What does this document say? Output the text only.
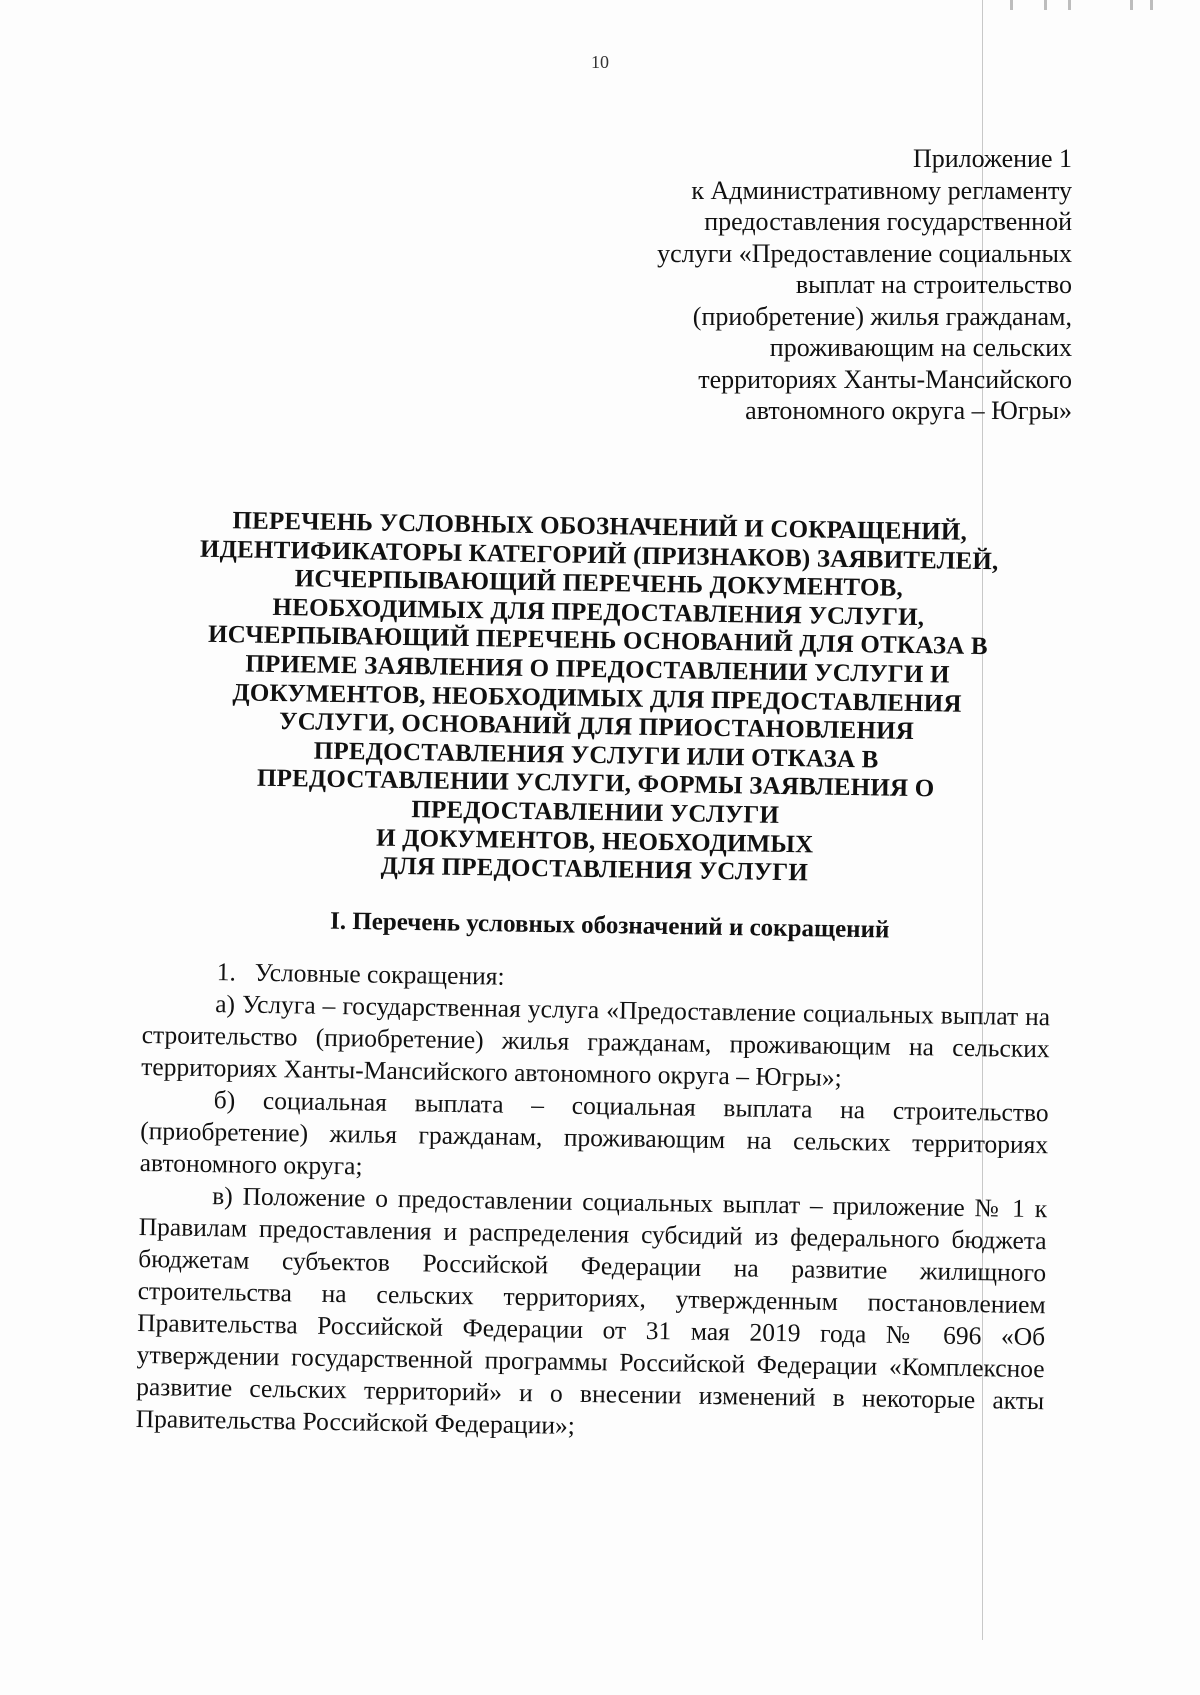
10
Приложение 1
к Административному регламенту
предоставления государственной
услуги «Предоставление социальных
выплат на строительство
(приобретение) жилья гражданам,
проживающим на сельских
территориях Ханты-Мансийского
автономного округа – Югры»
ПЕРЕЧЕНЬ УСЛОВНЫХ ОБОЗНАЧЕНИЙ И СОКРАЩЕНИЙ,
ИДЕНТИФИКАТОРЫ КАТЕГОРИЙ (ПРИЗНАКОВ) ЗАЯВИТЕЛЕЙ,
ИСЧЕРПЫВАЮЩИЙ ПЕРЕЧЕНЬ ДОКУМЕНТОВ,
НЕОБХОДИМЫХ ДЛЯ ПРЕДОСТАВЛЕНИЯ УСЛУГИ,
ИСЧЕРПЫВАЮЩИЙ ПЕРЕЧЕНЬ ОСНОВАНИЙ ДЛЯ ОТКАЗА В
ПРИЕМЕ ЗАЯВЛЕНИЯ О ПРЕДОСТАВЛЕНИИ УСЛУГИ И
ДОКУМЕНТОВ, НЕОБХОДИМЫХ ДЛЯ ПРЕДОСТАВЛЕНИЯ
УСЛУГИ, ОСНОВАНИЙ ДЛЯ ПРИОСТАНОВЛЕНИЯ
ПРЕДОСТАВЛЕНИЯ УСЛУГИ ИЛИ ОТКАЗА В
ПРЕДОСТАВЛЕНИИ УСЛУГИ, ФОРМЫ ЗАЯВЛЕНИЯ О
ПРЕДОСТАВЛЕНИИ УСЛУГИ
И ДОКУМЕНТОВ, НЕОБХОДИМЫХ
ДЛЯ ПРЕДОСТАВЛЕНИЯ УСЛУГИ
I. Перечень условных обозначений и сокращений

1. Условные сокращения:

а) Услуга – государственная услуга «Предоставление социальных выплат на строительство (приобретение) жилья гражданам, проживающим на сельских территориях Ханты-Мансийского автономного округа – Югры»;

б) социальная выплата – социальная выплата на строительство (приобретение) жилья гражданам, проживающим на сельских территориях автономного округа;

в) Положение о предоставлении социальных выплат – приложение № 1 к Правилам предоставления и распределения субсидий из федерального бюджета бюджетам субъектов Российской Федерации на развитие жилищного строительства на сельских территориях, утвержденным постановлением Правительства Российской Федерации от 31 мая 2019 года № 696 «Об утверждении государственной программы Российской Федерации «Комплексное развитие сельских территорий» и о внесении изменений в некоторые акты Правительства Российской Федерации»;
